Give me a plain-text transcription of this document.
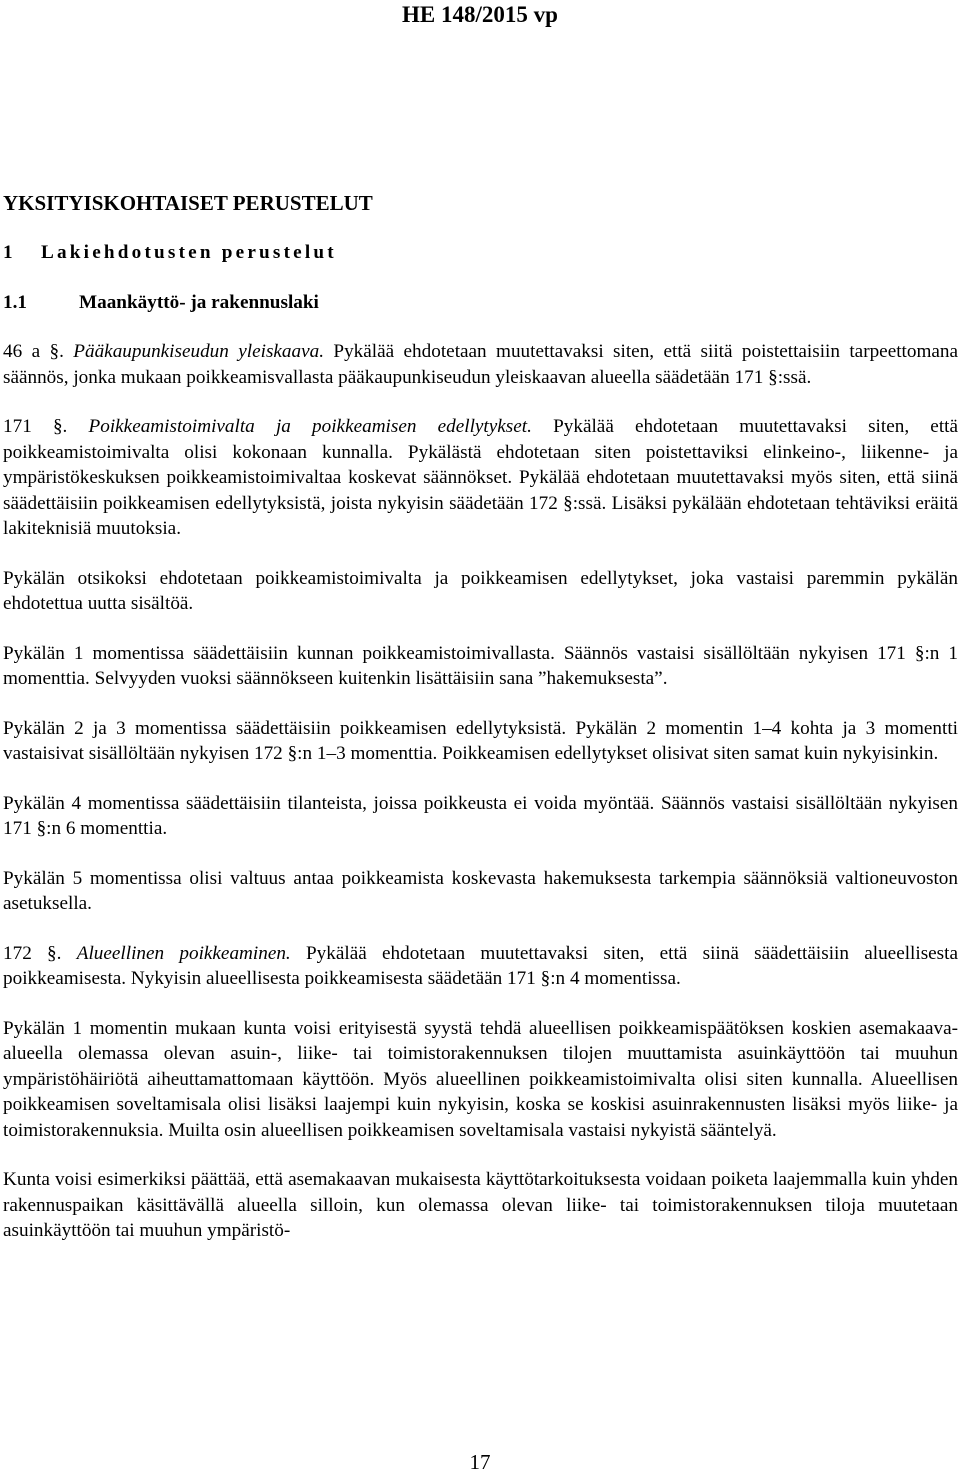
HE 148/2015 vp
YKSITYISKOHTAISET PERUSTELUT
1 Lakiehdotusten perustelut
1.1	Maankäyttö- ja rakennuslaki

46 a §. Pääkaupunkiseudun yleiskaava. Pykälää ehdotetaan muutettavaksi siten, että siitä poistettaisiin tarpeettomana säännös, jonka mukaan poikkeamisvallasta pääkaupunkiseudun yleiskaavan alueella säädetään 171 §:ssä.

171 §. Poikkeamistoimivalta ja poikkeamisen edellytykset. Pykälää ehdotetaan muutettavaksi siten, että poikkeamistoimivalta olisi kokonaan kunnalla. Pykälästä ehdotetaan siten poistettaviksi elinkeino-, liikenne- ja ympäristökeskuksen poikkeamistoimivaltaa koskevat säännökset. Pykälää ehdotetaan muutettavaksi myös siten, että siinä säädettäisiin poikkeamisen edellytyksistä, joista nykyisin säädetään 172 §:ssä. Lisäksi pykälään ehdotetaan tehtäviksi eräitä lakiteknisiä muutoksia.

Pykälän otsikoksi ehdotetaan poikkeamistoimivalta ja poikkeamisen edellytykset, joka vastaisi paremmin pykälän ehdotettua uutta sisältöä.

Pykälän 1 momentissa säädettäisiin kunnan poikkeamistoimivallasta. Säännös vastaisi sisällöltään nykyisen 171 §:n 1 momenttia. Selvyyden vuoksi säännökseen kuitenkin lisättäisiin sana ”hakemuksesta”.

Pykälän 2 ja 3 momentissa säädettäisiin poikkeamisen edellytyksistä. Pykälän 2 momentin 1–4 kohta ja 3 momentti vastaisivat sisällöltään nykyisen 172 §:n 1–3 momenttia. Poikkeamisen edellytykset olisivat siten samat kuin nykyisinkin.

Pykälän 4 momentissa säädettäisiin tilanteista, joissa poikkeusta ei voida myöntää. Säännös vastaisi sisällöltään nykyisen 171 §:n 6 momenttia.

Pykälän 5 momentissa olisi valtuus antaa poikkeamista koskevasta hakemuksesta tarkempia säännöksiä valtioneuvoston asetuksella.

172 §. Alueellinen poikkeaminen. Pykälää ehdotetaan muutettavaksi siten, että siinä säädettäisiin alueellisesta poikkeamisesta. Nykyisin alueellisesta poikkeamisesta säädetään 171 §:n 4 momentissa.

Pykälän 1 momentin mukaan kunta voisi erityisestä syystä tehdä alueellisen poikkeamispäätöksen koskien asemakaava-alueella olemassa olevan asuin-, liike- tai toimistorakennuksen tilojen muuttamista asuinkäyttöön tai muuhun ympäristöhäiriötä aiheuttamattomaan käyttöön. Myös alueellinen poikkeamistoimivalta olisi siten kunnalla. Alueellisen poikkeamisen soveltamisala olisi lisäksi laajempi kuin nykyisin, koska se koskisi asuinrakennusten lisäksi myös liike- ja toimistorakennuksia. Muilta osin alueellisen poikkeamisen soveltamisala vastaisi nykyistä sääntelyä.

Kunta voisi esimerkiksi päättää, että asemakaavan mukaisesta käyttötarkoituksesta voidaan poiketa laajemmalla kuin yhden rakennuspaikan käsittävällä alueella silloin, kun olemassa olevan liike- tai toimistorakennuksen tiloja muutetaan asuinkäyttöön tai muuhun ympäristö-

17
